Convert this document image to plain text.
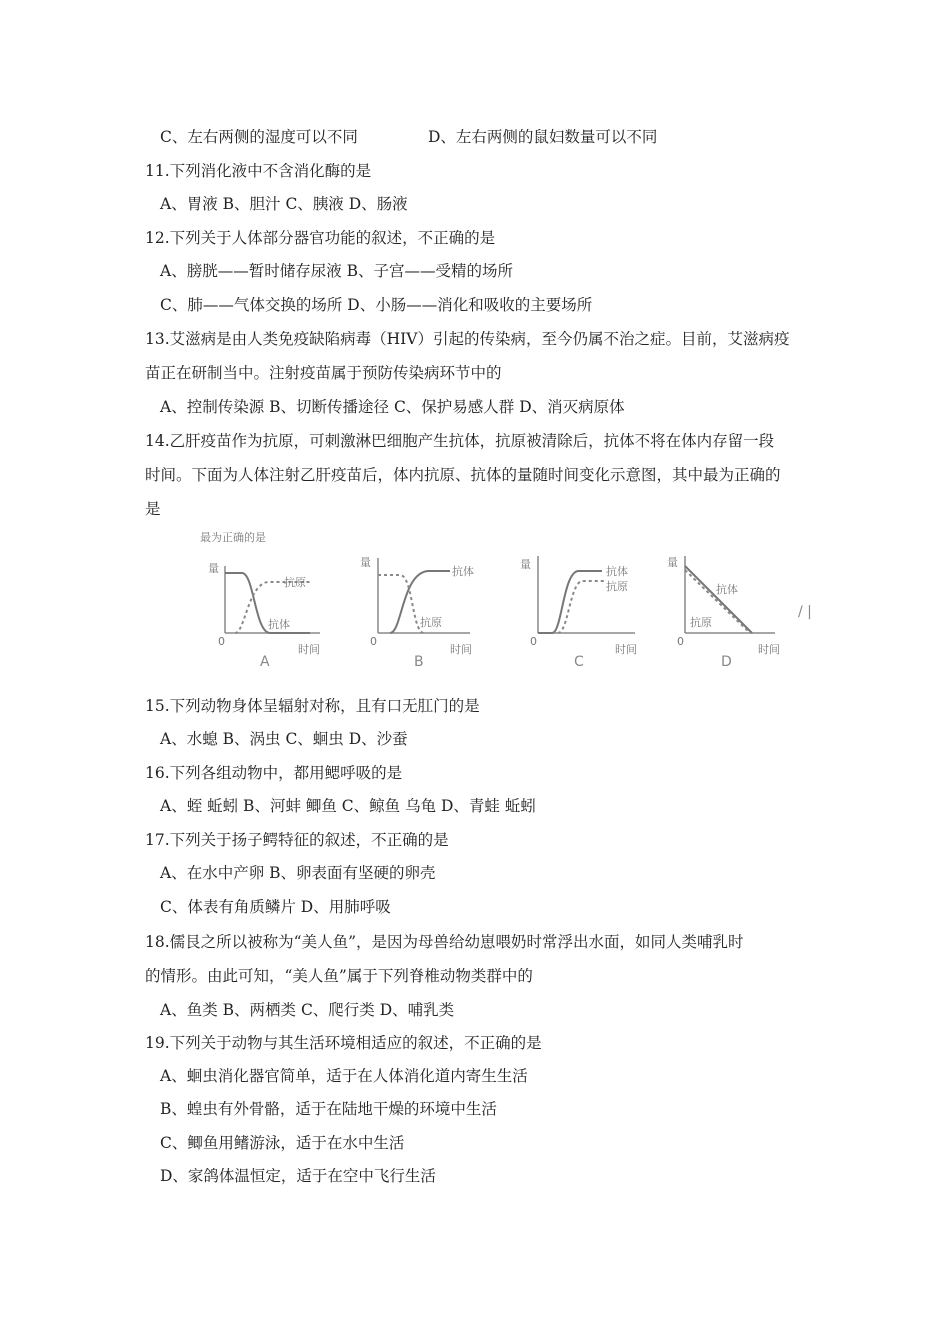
C、左右两侧的湿度可以不同	D、左右两侧的鼠妇数量可以不同
11.下列消化液中不含消化酶的是
A、胃液 B、胆汁 C、胰液 D、肠液
12.下列关于人体部分器官功能的叙述，不正确的是
A、膀胱——暂时储存尿液 B、子宫——受精的场所
C、肺——气体交换的场所 D、小肠——消化和吸收的主要场所
13.艾滋病是由人类免疫缺陷病毒（HIV）引起的传染病，至今仍属不治之症。目前，艾滋病疫
苗正在研制当中。注射疫苗属于预防传染病环节中的
A、控制传染源 B、切断传播途径 C、保护易感人群 D、消灭病原体
14.乙肝疫苗作为抗原，可刺激淋巴细胞产生抗体，抗原被清除后，抗体不将在体内存留一段
时间。下面为人体注射乙肝疫苗后，体内抗原、抗体的量随时间变化示意图，其中最为正确的
是
最为正确的是
/ |
量
0
时间
抗原
抗体
A
量
0
时间
抗体
抗原
B
量
0
时间
抗体
抗原
C
量
0
时间
抗体
抗原
D
15.下列动物身体呈辐射对称，且有口无肛门的是
A、水螅 B、涡虫 C、蛔虫 D、沙蚕
16.下列各组动物中，都用鳃呼吸的是
A、蛭 蚯蚓 B、河蚌 鲫鱼 C、鲸鱼 乌龟 D、青蛙 蚯蚓
17.下列关于扬子鳄特征的叙述，不正确的是
A、在水中产卵 B、卵表面有坚硬的卵壳
C、体表有角质鳞片 D、用肺呼吸
18.儒艮之所以被称为“美人鱼”，是因为母兽给幼崽喂奶时常浮出水面，如同人类哺乳时
的情形。由此可知，“美人鱼”属于下列脊椎动物类群中的
A、鱼类 B、两栖类 C、爬行类 D、哺乳类
19.下列关于动物与其生活环境相适应的叙述，不正确的是
A、蛔虫消化器官简单，适于在人体消化道内寄生生活
B、蝗虫有外骨骼，适于在陆地干燥的环境中生活
C、鲫鱼用鳍游泳，适于在水中生活
D、家鸽体温恒定，适于在空中飞行生活
